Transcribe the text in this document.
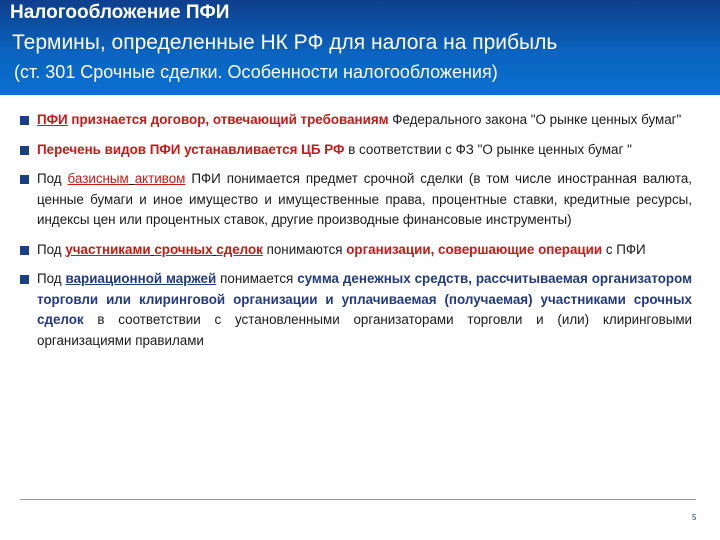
Налогообложение ПФИ
Термины, определенные НК РФ для налога на прибыль
(ст. 301 Срочные сделки. Особенности налогообложения)
ПФИ признается договор, отвечающий требованиям Федерального закона "О рынке ценных бумаг"
Перечень видов ПФИ устанавливается ЦБ РФ в соответствии с ФЗ "О рынке ценных бумаг "
Под базисным активом ПФИ понимается предмет срочной сделки (в том числе иностранная валюта, ценные бумаги и иное имущество и имущественные права, процентные ставки, кредитные ресурсы, индексы цен или процентных ставок, другие производные финансовые инструменты)
Под участниками срочных сделок понимаются организации, совершающие операции с ПФИ
Под вариационной маржей понимается сумма денежных средств, рассчитываемая организатором торговли или клиринговой организации и уплачиваемая (получаемая) участниками срочных сделок в соответствии с установленными организаторами торговли и (или) клиринговыми организациями правилами
5
